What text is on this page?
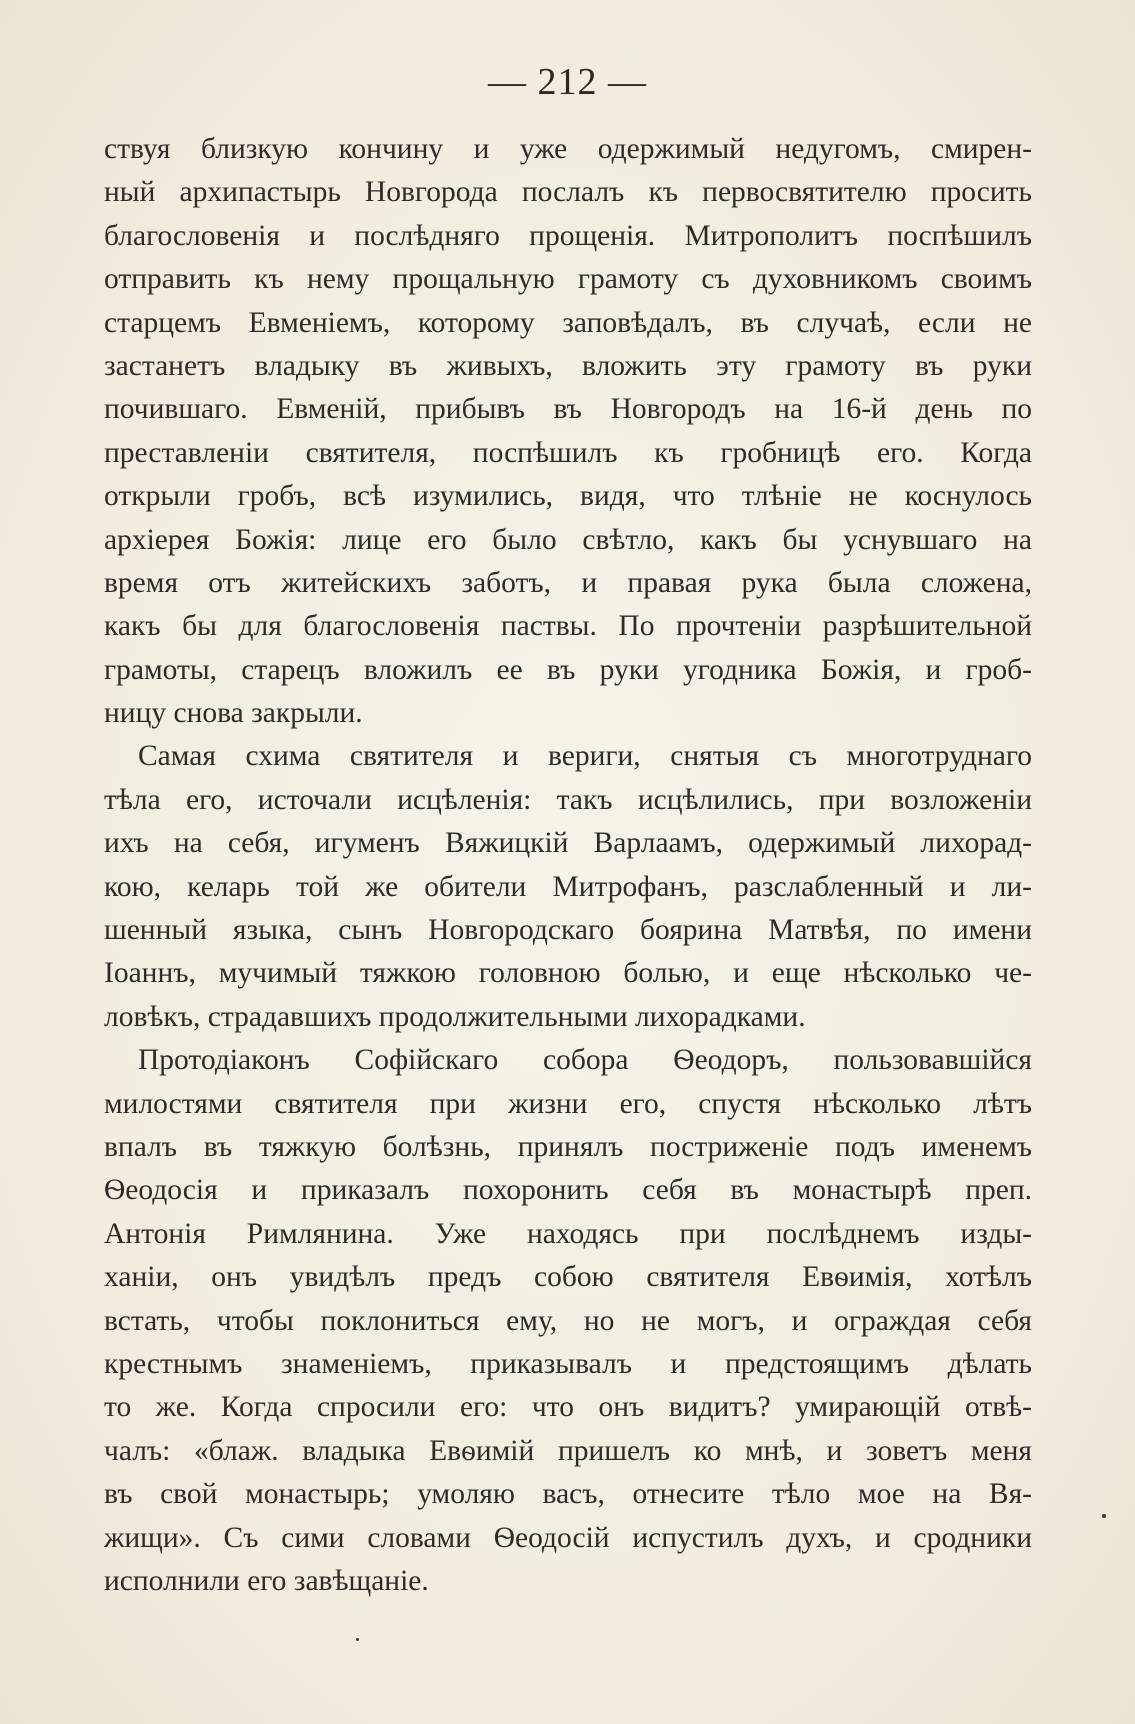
— 212 —
ствуя близкую кончину и уже одержимый недугомъ, смирен-
ный архипастырь Новгорода послалъ къ первосвятителю просить
благословенія и послѣдняго прощенія. Митрополитъ поспѣшилъ
отправить къ нему прощальную грамоту съ духовникомъ своимъ
старцемъ Евменіемъ, которому заповѣдалъ, въ случаѣ, если не
застанетъ владыку въ живыхъ, вложить эту грамоту въ руки
почившаго. Евменій, прибывъ въ Новгородъ на 16-й день по
преставленіи святителя, поспѣшилъ къ гробницѣ его. Когда
открыли гробъ, всѣ изумились, видя, что тлѣніе не коснулось
архіерея Божія: лице его было свѣтло, какъ бы уснувшаго на
время отъ житейскихъ заботъ, и правая рука была сложена,
какъ бы для благословенія паствы. По прочтеніи разрѣшительной
грамоты, старецъ вложилъ ее въ руки угодника Божія, и гроб-
ницу снова закрыли.
Самая схима святителя и вериги, снятыя съ многотруднаго
тѣла его, источали исцѣленія: такъ исцѣлились, при возложеніи
ихъ на себя, игуменъ Вяжицкій Варлаамъ, одержимый лихорад-
кою, келарь той же обители Митрофанъ, разслабленный и ли-
шенный языка, сынъ Новгородскаго боярина Матвѣя, по имени
Іоаннъ, мучимый тяжкою головною болью, и еще нѣсколько че-
ловѣкъ, страдавшихъ продолжительными лихорадками.
Протодіаконъ Софійскаго собора Ѳеодоръ, пользовавшійся
милостями святителя при жизни его, спустя нѣсколько лѣтъ
впалъ въ тяжкую болѣзнь, принялъ постриженіе подъ именемъ
Ѳеодосія и приказалъ похоронить себя въ монастырѣ преп.
Антонія Римлянина. Уже находясь при послѣднемъ изды-
ханіи, онъ увидѣлъ предъ собою святителя Евѳимія, хотѣлъ
встать, чтобы поклониться ему, но не могъ, и ограждая себя
крестнымъ знаменіемъ, приказывалъ и предстоящимъ дѣлать
то же. Когда спросили его: что онъ видитъ? умирающій отвѣ-
чалъ: «блаж. владыка Евѳимій пришелъ ко мнѣ, и зоветъ меня
въ свой монастырь; умоляю васъ, отнесите тѣло мое на Вя-
жищи». Съ сими словами Ѳеодосій испустилъ духъ, и сродники
исполнили его завѣщаніе.
